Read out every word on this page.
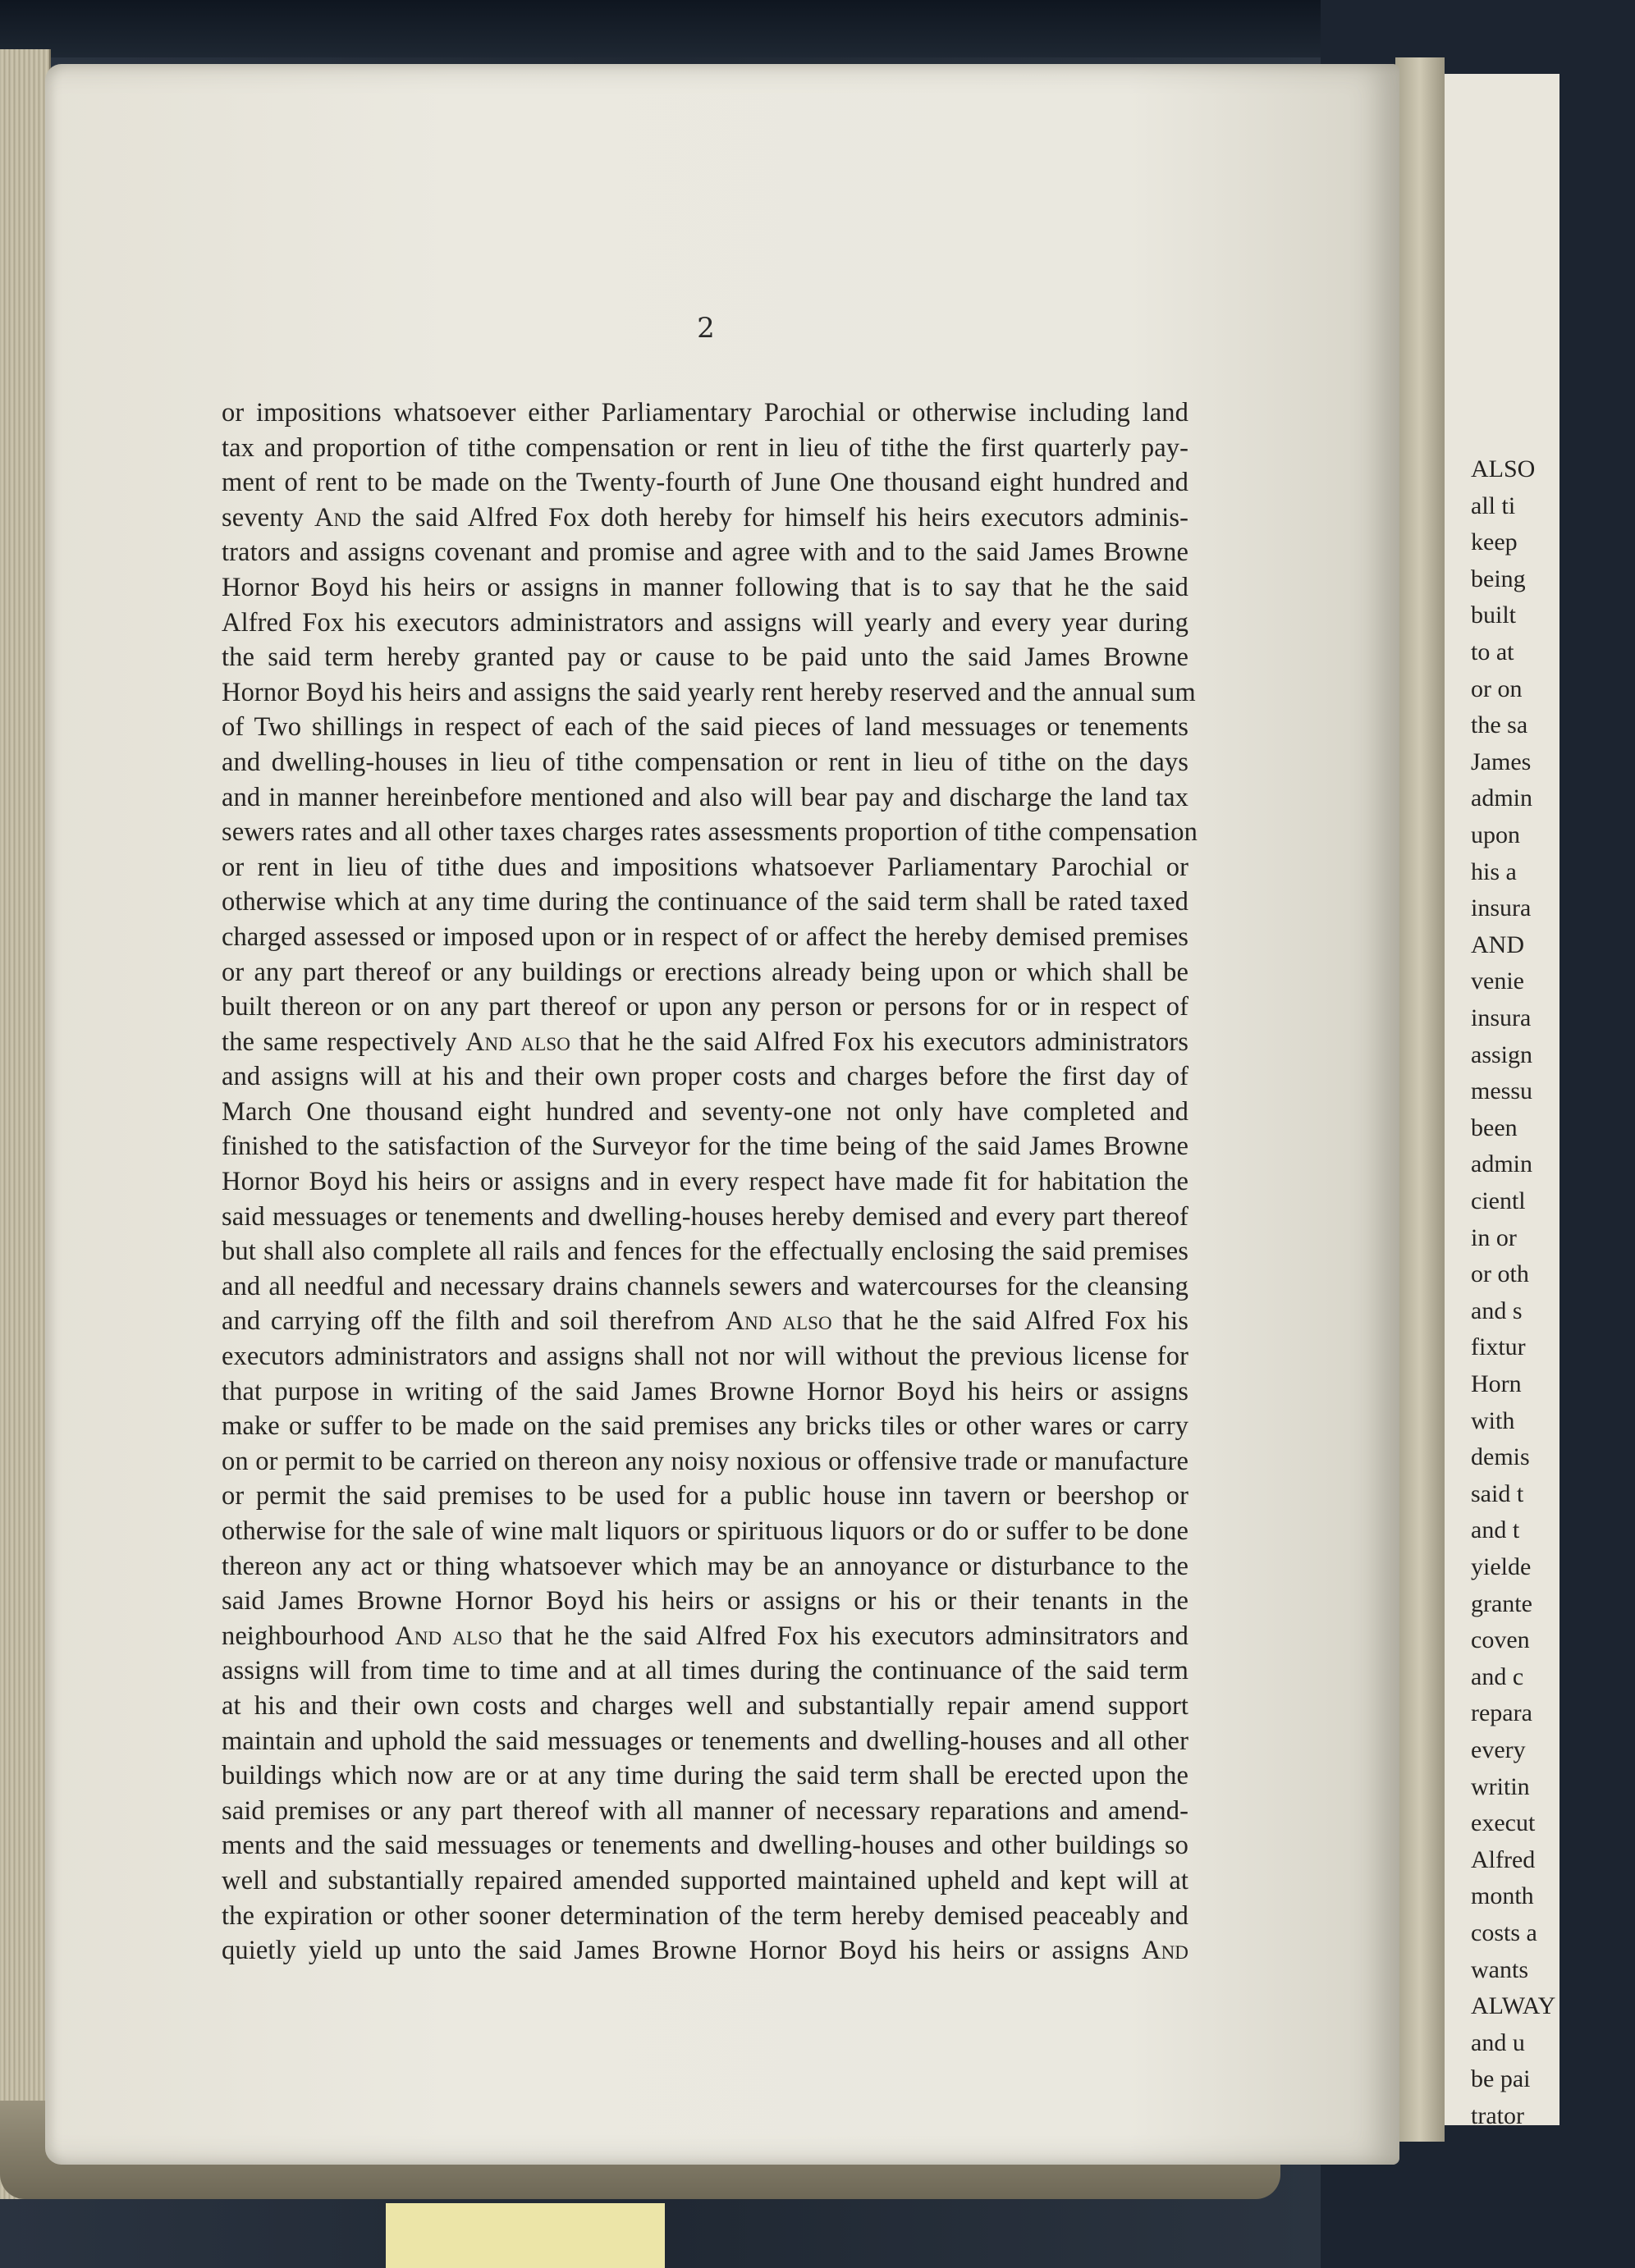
ALSO
all ti
keep
being
built
to at
or on
the sa
James
admin
upon
his a
insura
AND
venie
insura
assign
messu
been
admin
cientl
in or
or oth
and s
fixtur
Horn
with
demis
said t
and t
yielde
grante
coven
and c
repara
every
writin
execut
Alfred
month
costs a
wants
ALWAY
and u
be pai
trator
2
or impositions whatsoever either Parliamentary Parochial or otherwise including land
tax and proportion of tithe compensation or rent in lieu of tithe the first quarterly pay-
ment of rent to be made on the Twenty-fourth of June One thousand eight hundred and
seventy And the said Alfred Fox doth hereby for himself his heirs executors adminis-
trators and assigns covenant and promise and agree with and to the said James Browne
Hornor Boyd his heirs or assigns in manner following that is to say that he the said
Alfred Fox his executors administrators and assigns will yearly and every year during
the said term hereby granted pay or cause to be paid unto the said James Browne
Hornor Boyd his heirs and assigns the said yearly rent hereby reserved and the annual sum
of Two shillings in respect of each of the said pieces of land messuages or tenements
and dwelling-houses in lieu of tithe compensation or rent in lieu of tithe on the days
and in manner hereinbefore mentioned and also will bear pay and discharge the land tax
sewers rates and all other taxes charges rates assessments proportion of tithe compensation
or rent in lieu of tithe dues and impositions whatsoever Parliamentary Parochial or
otherwise which at any time during the continuance of the said term shall be rated taxed
charged assessed or imposed upon or in respect of or affect the hereby demised premises
or any part thereof or any buildings or erections already being upon or which shall be
built thereon or on any part thereof or upon any person or persons for or in respect of
the same respectively And also that he the said Alfred Fox his executors administrators
and assigns will at his and their own proper costs and charges before the first day of
March One thousand eight hundred and seventy-one not only have completed and
finished to the satisfaction of the Surveyor for the time being of the said James Browne
Hornor Boyd his heirs or assigns and in every respect have made fit for habitation the
said messuages or tenements and dwelling-houses hereby demised and every part thereof
but shall also complete all rails and fences for the effectually enclosing the said premises
and all needful and necessary drains channels sewers and watercourses for the cleansing
and carrying off the filth and soil therefrom And also that he the said Alfred Fox his
executors administrators and assigns shall not nor will without the previous license for
that purpose in writing of the said James Browne Hornor Boyd his heirs or assigns
make or suffer to be made on the said premises any bricks tiles or other wares or carry
on or permit to be carried on thereon any noisy noxious or offensive trade or manufacture
or permit the said premises to be used for a public house inn tavern or beershop or
otherwise for the sale of wine malt liquors or spirituous liquors or do or suffer to be done
thereon any act or thing whatsoever which may be an annoyance or disturbance to the
said James Browne Hornor Boyd his heirs or assigns or his or their tenants in the
neighbourhood And also that he the said Alfred Fox his executors adminsitrators and
assigns will from time to time and at all times during the continuance of the said term
at his and their own costs and charges well and substantially repair amend support
maintain and uphold the said messuages or tenements and dwelling-houses and all other
buildings which now are or at any time during the said term shall be erected upon the
said premises or any part thereof with all manner of necessary reparations and amend-
ments and the said messuages or tenements and dwelling-houses and other buildings so
well and substantially repaired amended supported maintained upheld and kept will at
the expiration or other sooner determination of the term hereby demised peaceably and
quietly yield up unto the said James Browne Hornor Boyd his heirs or assigns And
